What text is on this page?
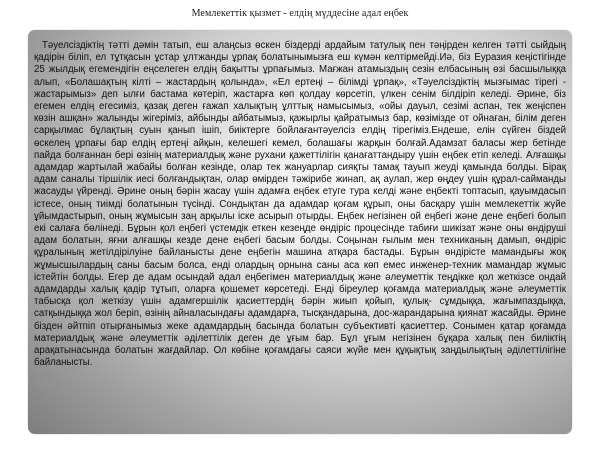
Мемлекеттік қызмет - елдің мүддесіне адал еңбек

Тәуелсіздіктің тәтті дәмін татып, еш алаңсыз өскен біздерді ардайым татулық пен тәңірден келген тәтті сыйдың қадірін біліп, ел тұтқасын ұстар ұлтжанды ұрпақ болатынымызға еш күмән келтірмейді.Иә, біз Еуразия кеңістігінде 25 жылдық егемендігін еңселеген елдің бақытты ұрпағымыз. Мағжан атамыздың сезін елбасының өзі басшылыққа алып, «Болашақтың кілті – жастардың қолында», «Ел ертеңі – білімді ұрпақ», «Тәуелсіздіктің мызғымас тірегі - жастарымыз» деп ылғи бастама көтеріп, жастарға көп қолдау көрсетіп, үлкен сенім білдіріп келеді. Әрине, біз егемен елдің егесиміз, қазақ деген ғажап халықтың ұлттық намысымыз, «ойы дауыл, сезімі аспан, тек жеңіспен көзін ашқан» жалынды жігеріміз, айбынды айбатымыз, қажырлы қайратымыз бар, көзімізде от ойнаған, білім деген сарқылмас бұлақтың суын қанып ішіп, биіктерге бойлағантәуелсіз елдің тірегіміз.Ендеше, елін сүйген біздей өскелең ұрпағы бар елдің ертеңі айқын, келешегі кемел, болашағы жарқын болғай.Адамзат баласы жер бетінде пайда болғаннан бері өзінің материалдық және рухани қажеттілігін қанағаттандыру үшін еңбек етіп келеді. Алғашқы адамдар жартылай жабайы болған кезінде, олар тек жануарлар сияқты тамақ тауып жеуді қамында болды. Бірақ адам саналы тіршілік иесі болғандықтан, олар өмірден тәжірибе жинап, ақ аулап, жер өңдеу үшін құрал-сайманды жасауды үйренді. Әрине оның бәрін жасау үшін адамға еңбек етуге тура келді және еңбекті топтасып, қауымдасып істесе, оның тиімді болатынын түсінді. Сондықтан да адамдар қоғам құрып, оны басқару үшін мемлекеттік жүйе ұйымдастырып, оның жұмысын заң арқылы іске асырып отырды. Еңбек негізінен ой еңбегі және дене еңбегі болып екі салаға бөлінеді. Бұрын қол еңбегі үстемдік еткен кезеңде өндіріс процесінде табиғи шикізат және оны өндіруші адам болатын, яғни алғашқы кезде дене еңбегі басым болды. Соңынан ғылым мен техниканың дамып, өндіріс құралының жетілдірілуіне байланысты дене еңбегін машина атқара бастады. Бұрын өндірісте мамандығы жоқ жұмысшылардың саны басым болса, енді олардың орнына саны аса көп емес инженер-техник мамандар жұмыс істейтін болды. Егер де адам осындай адал еңбегімен материалдық және әлеуметтік теңдікке қол жеткізсе ондай адамдарды халық қадір тұтып, оларға қошемет көрсетеді. Енді біреулер қоғамда материалдық және әлеуметтік табысқа қол жеткізу үшін адамгершілік қасиеттердің бәрін жиып қойып, қулық- сұмдыққа, жағымпаздыққа, сатқындыққа жол беріп, өзінің айналасындағы адамдарға, тысқандарына, дос-жарандарына қиянат жасайды. Әрине бізден әйтпіп отырғанымыз жеке адамдардың басында болатын субъективті қасиеттер. Сонымен қатар қоғамда материалдық және әлеуметтік әділеттілік деген де ұғым бар. Бұл ұғым негізінен бұқара халық пен биліктің арақатынасында болатын жағдайлар. Ол көбіне қоғамдағы саяси жүйе мен құқықтық заңдылықтың әділеттілігіне байланысты.
